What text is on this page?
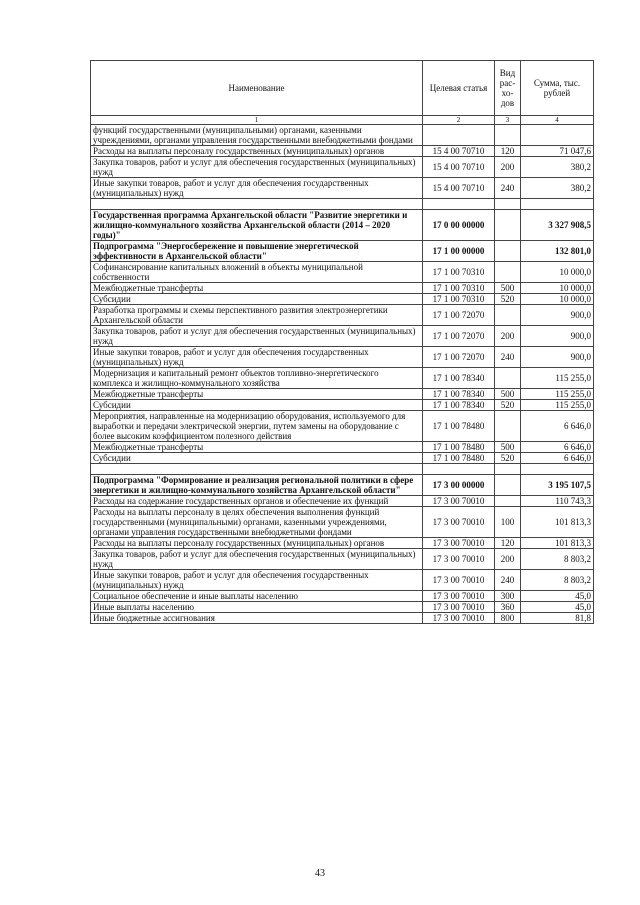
Наименование	Целевая статья	Вид рас-хо-дов	Сумма, тыс. рублей
1	2	3	4
функций государственными (муниципальными) органами, казенными учреждениями, органами управления государственными внебюджетными фондами			
Расходы на выплаты персоналу государственных (муниципальных) органов	15 4 00 70710	120	71 047,6
Закупка товаров, работ и услуг для обеспечения государственных (муниципальных) нужд	15 4 00 70710	200	380,2
Иные закупки товаров, работ и услуг для обеспечения государственных (муниципальных) нужд	15 4 00 70710	240	380,2

Государственная программа Архангельской области "Развитие энергетики и жилищно-коммунального хозяйства Архангельской области (2014 – 2020 годы)"	17 0 00 00000		3 327 908,5
Подпрограмма "Энергосбережение и повышение энергетической эффективности в Архангельской области"	17 1 00 00000		132 801,0
Софинансирование капитальных вложений в объекты муниципальной собственности	17 1 00 70310		10 000,0
Межбюджетные трансферты	17 1 00 70310	500	10 000,0
Субсидии	17 1 00 70310	520	10 000,0
Разработка программы и схемы перспективного развития электроэнергетики Архангельской области	17 1 00 72070		900,0
Закупка товаров, работ и услуг для обеспечения государственных (муниципальных) нужд	17 1 00 72070	200	900,0
Иные закупки товаров, работ и услуг для обеспечения государственных (муниципальных) нужд	17 1 00 72070	240	900,0
Модернизация и капитальный ремонт объектов топливно-энергетического комплекса и жилищно-коммунального хозяйства	17 1 00 78340		115 255,0
Межбюджетные трансферты	17 1 00 78340	500	115 255,0
Субсидии	17 1 00 78340	520	115 255,0
Мероприятия, направленные на модернизацию оборудования, используемого для выработки и передачи электрической энергии, путем замены на оборудование с более высоким коэффициентом полезного действия	17 1 00 78480		6 646,0
Межбюджетные трансферты	17 1 00 78480	500	6 646,0
Субсидии	17 1 00 78480	520	6 646,0

Подпрограмма "Формирование и реализация региональной политики в сфере энергетики и жилищно-коммунального хозяйства Архангельской области"	17 3 00 00000		3 195 107,5
Расходы на содержание государственных органов и обеспечение их функций	17 3 00 70010		110 743,3
Расходы на выплаты персоналу в целях обеспечения выполнения функций государственными (муниципальными) органами, казенными учреждениями, органами управления государственными внебюджетными фондами	17 3 00 70010	100	101 813,3
Расходы на выплаты персоналу государственных (муниципальных) органов	17 3 00 70010	120	101 813,3
Закупка товаров, работ и услуг для обеспечения государственных (муниципальных) нужд	17 3 00 70010	200	8 803,2
Иные закупки товаров, работ и услуг для обеспечения государственных (муниципальных) нужд	17 3 00 70010	240	8 803,2
Социальное обеспечение и иные выплаты населению	17 3 00 70010	300	45,0
Иные выплаты населению	17 3 00 70010	360	45,0
Иные бюджетные ассигнования	17 3 00 70010	800	81,8
43
